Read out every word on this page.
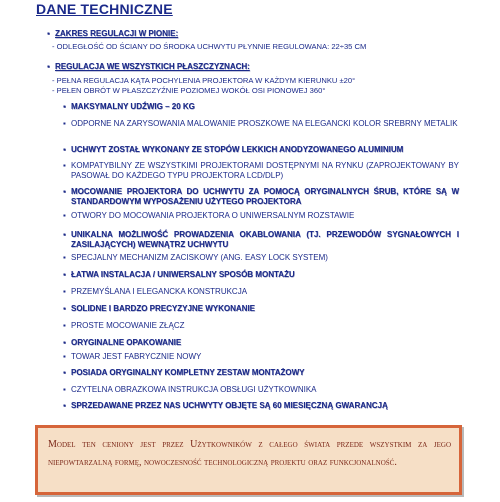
DANE TECHNICZNE
▪ ZAKRES REGULACJI W PIONIE:
- ODLEGŁOŚĆ OD ŚCIANY DO ŚRODKA UCHWYTU PŁYNNIE REGULOWANA: 22÷35 CM
▪ REGULACJA WE WSZYSTKICH PŁASZCZYZNACH:
- PEŁNA REGULACJA KĄTA POCHYLENIA PROJEKTORA W KAŻDYM KIERUNKU ±20°
- PEŁEN OBRÓT W PŁASZCZYŹNIE POZIOMEJ WOKÓŁ OSI PIONOWEJ 360°
▪ MAKSYMALNY UDŹWIG – 20 KG
▪ ODPORNE NA ZARYSOWANIA MALOWANIE PROSZKOWE NA ELEGANCKI KOLOR SREBRNY METALIK
▪ UCHWYT ZOSTAŁ WYKONANY ZE STOPÓW LEKKICH ANODYZOWANEGO ALUMINIUM
▪ KOMPATYBILNY ZE WSZYSTKIMI PROJEKTORAMI DOSTĘPNYMI NA RYNKU (ZAPROJEKTOWANY BY PASOWAŁ DO KAŻDEGO TYPU PROJEKTORA LCD/DLP)
▪ MOCOWANIE PROJEKTORA DO UCHWYTU ZA POMOCĄ ORYGINALNYCH ŚRUB, KTÓRE SĄ W STANDARDOWYM WYPOSAŻENIU UŻYTEGO PROJEKTORA
▪ OTWORY DO MOCOWANIA PROJEKTORA O UNIWERSALNYM ROZSTAWIE
▪ UNIKALNA MOŻLIWOŚĆ PROWADZENIA OKABLOWANIA (TJ. PRZEWODÓW SYGNAŁOWYCH I ZASILAJĄCYCH) WEWNĄTRZ UCHWYTU
▪ SPECJALNY MECHANIZM ZACISKOWY (ANG. EASY LOCK SYSTEM)
▪ ŁATWA INSTALACJA / UNIWERSALNY SPOSÓB MONTAŻU
▪ PRZEMYŚLANA I ELEGANCKA KONSTRUKCJA
▪ SOLIDNE I BARDZO PRECYZYJNE WYKONANIE
▪ PROSTE MOCOWANIE ZŁĄCZ
▪ ORYGINALNE OPAKOWANIE
▪ TOWAR JEST FABRYCZNIE NOWY
▪ POSIADA ORYGINALNY KOMPLETNY ZESTAW MONTAŻOWY
▪ CZYTELNA OBRAZKOWA INSTRUKCJA OBSŁUGI UŻYTKOWNIKA
▪ SPRZEDAWANE PRZEZ NAS UCHWYTY OBJĘTE SĄ 60 MIESIĘCZNĄ GWARANCJĄ

Model ten ceniony jest przez Użytkowników z całego świata przede wszystkim za jego niepowtarzalną formę, nowoczesność technologiczną projektu oraz funkcjonalność.
